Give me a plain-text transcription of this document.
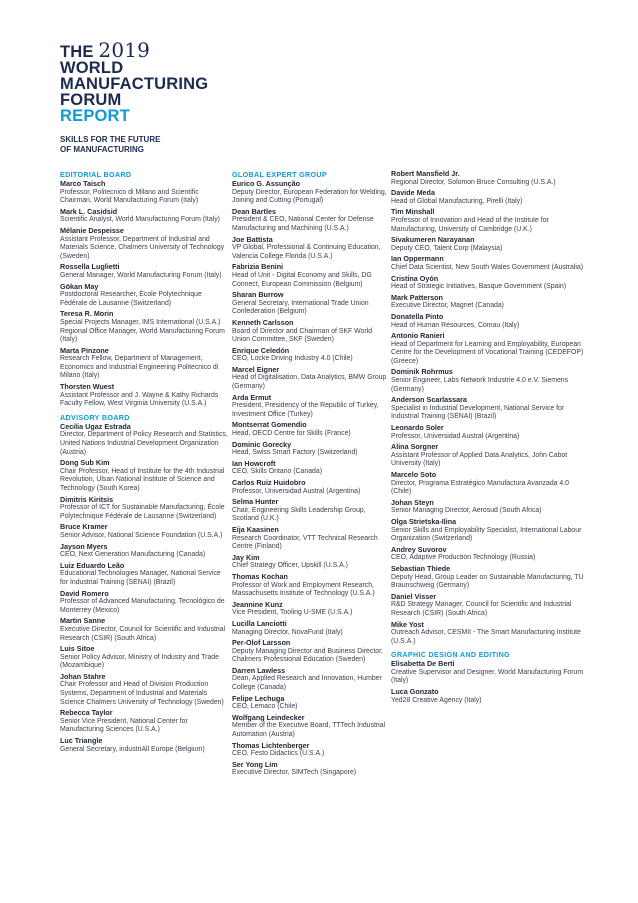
THE 2019
WORLD
MANUFACTURING
FORUM
REPORT
SKILLS FOR THE FUTURE
OF MANUFACTURING
EDITORIAL BOARD
Marco Taisch
Professor, Politecnico di Milano and Scientific Chairman, World Manufacturing Forum (Italy)
Mark L. Casidsid
Scientific Analyst, World Manufacturing Forum (Italy)
Mélanie Despeisse
Assistant Professor, Department of Industrial and Materials Science, Chalmers University of Technology (Sweden)
Rossella Luglietti
General Manager, World Manufacturing Forum (Italy)
Gökan May
Postdoctoral Researcher, École Polytechnique Fédérale de Lausanne (Switzerland)
Teresa R. Morin
Special Projects Manager, IMS International (U.S.A.) Regional Office Manager, World Manufacturing Forum (Italy)
Marta Pinzone
Research Fellow, Department of Management, Economics and Industrial Engineering Politecnico di Milano (Italy)
Thorsten Wuest
Assistant Professor and J. Wayne & Kathy Richards Faculty Fellow, West Virginia University (U.S.A.)
ADVISORY BOARD
Cecilia Ugaz Estrada
Director, Department of Policy Research and Statistics, United Nations Industrial Development Organization (Austria)
Dong Sub Kim
Chair Professor, Head of Institute for the 4th Industrial Revolution, Ulsan National Institute of Science and Technology (South Korea)
Dimitris Kiritsis
Professor of ICT for Sustainable Manufacturing, École Polytechnique Fédérale de Lausanne (Switzerland)
Bruce Kramer
Senior Advisor, National Science Foundation (U.S.A.)
Jayson Myers
CEO, Next Generation Manufacturing (Canada)
Luiz Eduardo Leão
Educational Technologies Manager, National Service for Industrial Training (SENAI) (Brazil)
David Romero
Professor of Advanced Manufacturing, Tecnológico de Monterrey (Mexico)
Martin Sanne
Executive Director, Council for Scientific and Industrial Research (CSIR) (South Africa)
Luis Sitoe
Senior Policy Advisor, Ministry of Industry and Trade (Mozambique)
Johan Stahre
Chair Professor and Head of Division Production Systems, Department of Industrial and Materials Science Chalmers University of Technology (Sweden)
Rebecca Taylor
Senior Vice President, National Center for Manufacturing Sciences (U.S.A.)
Luc Triangle
General Secretary, industriAll Europe (Belgium)
GLOBAL EXPERT GROUP
Eurico G. Assunção
Deputy Director, European Federation for Welding, Joining and Cutting (Portugal)
Dean Bartles
President & CEO, National Center for Defense Manufacturing and Machining (U.S.A.)
Joe Battista
VP Global, Professional & Continuing Education, Valencia College Florida (U.S.A.)
Fabrizia Benini
Head of Unit - Digital Economy and Skills, DG Connect, European Commission (Belgium)
Sharan Burrow
General Secretary, International Trade Union Confederation (Belgium)
Kenneth Carlsson
Board of Director and Chairman of SKF World Union Committee, SKF (Sweden)
Enrique Celedón
CEO, Locke Driving Industry 4.0 (Chile)
Marcel Eigner
Head of Digitalisation, Data Analytics, BMW Group (Germany)
Arda Ermut
President, Presidency of the Republic of Turkey, Investment Office (Turkey)
Montserrat Gomendio
Head, OECD Centre for Skills (France)
Dominic Gorecky
Head, Swiss Smart Factory (Switzerland)
Ian Howcroft
CEO, Skills Ontario (Canada)
Carlos Ruiz Huidobro
Professor, Universidad Austral (Argentina)
Selma Hunter
Chair, Engineering Skills Leadership Group, Scotland (U.K.)
Eija Kaasinen
Research Coordinator, VTT Technical Research Centre (Finland)
Jay Kim
Chief Strategy Officer, Upskill (U.S.A.)
Thomas Kochan
Professor of Work and Employment Research, Massachusetts Institute of Technology (U.S.A.)
Jeannine Kunz
Vice President, Tooling U-SME (U.S.A.)
Lucilla Lanciotti
Managing Director, NovaFund (Italy)
Per-Olof Larsson
Deputy Managing Director and Business Director, Chalmers Professional Education (Sweden)
Darren Lawless
Dean, Applied Research and Innovation, Humber College (Canada)
Felipe Lechuga
CEO, Lemaco (Chile)
Wolfgang Leindecker
Member of the Executive Board, TTTech Industrial Automation (Austria)
Thomas Lichtenberger
CEO, Festo Didactics (U.S.A.)
Ser Yong Lim
Executive Director, SIMTech (Singapore)
Robert Mansfield Jr.
Regional Director, Solomon Bruce Consulting (U.S.A.)
Davide Meda
Head of Global Manufacturing, Pirelli (Italy)
Tim Minshall
Professor of Innovation and Head of the Institute for Manufacturing, University of Cambridge (U.K.)
Sivakumeren Narayanan
Deputy CEO, Talent Corp (Malaysia)
Ian Oppermann
Chief Data Scientist, New South Wales Government (Australia)
Cristina Oyón
Head of Strategic Initiatives, Basque Government (Spain)
Mark Patterson
Executive Director, Magnet (Canada)
Donatella Pinto
Head of Human Resources, Comau (Italy)
Antonio Ranieri
Head of Department for Learning and Employability, European Centre for the Development of Vocational Training (CEDEFOP) (Greece)
Dominik Rohrmus
Senior Engineer, Labs Network Industrie 4.0 e.V. Siemens (Germany)
Anderson Scarlassara
Specialist in Industrial Development, National Service for Industrial Training (SENAI) (Brazil)
Leonardo Soler
Professor, Universidad Austral (Argentina)
Alina Sorgner
Assistant Professor of Applied Data Analytics, John Cabot University (Italy)
Marcelo Soto
Director, Programa Estratégico Manufactura Avanzada 4.0 (Chile)
Johan Steyn
Senior Managing Director, Aerosud (South Africa)
Olga Strietska-Ilina
Senior Skills and Employability Specialist, International Labour Organization (Switzerland)
Andrey Suvorov
CEO, Adaptive Production Technology (Russia)
Sebastian Thiede
Deputy Head, Group Leader on Sustainable Manufacturing, TU Braunschweig (Germany)
Daniel Visser
R&D Strategy Manager, Council for Scientific and Industrial Research (CSIR) (South Africa)
Mike Yost
Outreach Advisor, CESMII - The Smart Manufacturing Institute (U.S.A.)
GRAPHIC DESIGN AND EDITING
Elisabetta De Berti
Creative Supervisor and Designer, World Manufacturing Forum (Italy)
Luca Gonzato
Yed28 Creative Agency (Italy)
